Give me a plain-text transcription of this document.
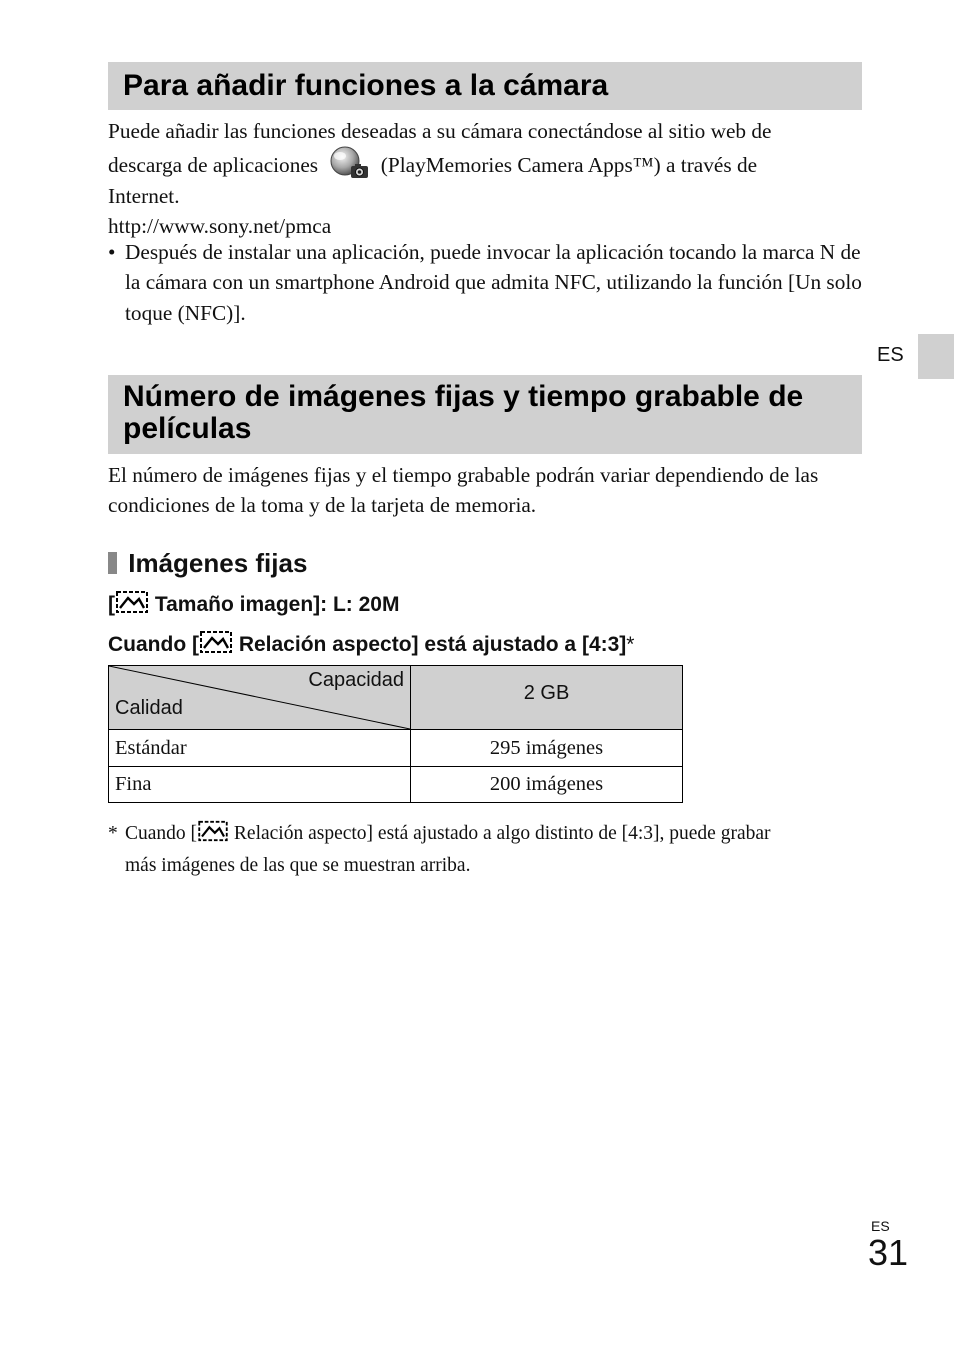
Para añadir funciones a la cámara
Puede añadir las funciones deseadas a su cámara conectándose al sitio web de
descarga de aplicaciones	(PlayMemories Camera Apps™) a través de
Internet.
http://www.sony.net/pmca
• Después de instalar una aplicación, puede invocar la aplicación tocando la marca N de la cámara con un smartphone Android que admita NFC, utilizando la función [Un solo toque (NFC)].
ES
Número de imágenes fijas y tiempo grabable de
películas
El número de imágenes fijas y el tiempo grabable podrán variar dependiendo de las condiciones de la toma y de la tarjeta de memoria.
Imágenes fijas
[ Tamaño imagen]: L: 20M
Cuando [ Relación aspecto] está ajustado a [4:3]*
Capacidad
Calidad	2 GB
Estándar	295 imágenes
Fina	200 imágenes
* Cuando [ Relación aspecto] está ajustado a algo distinto de [4:3], puede grabar
más imágenes de las que se muestran arriba.
ES
31
